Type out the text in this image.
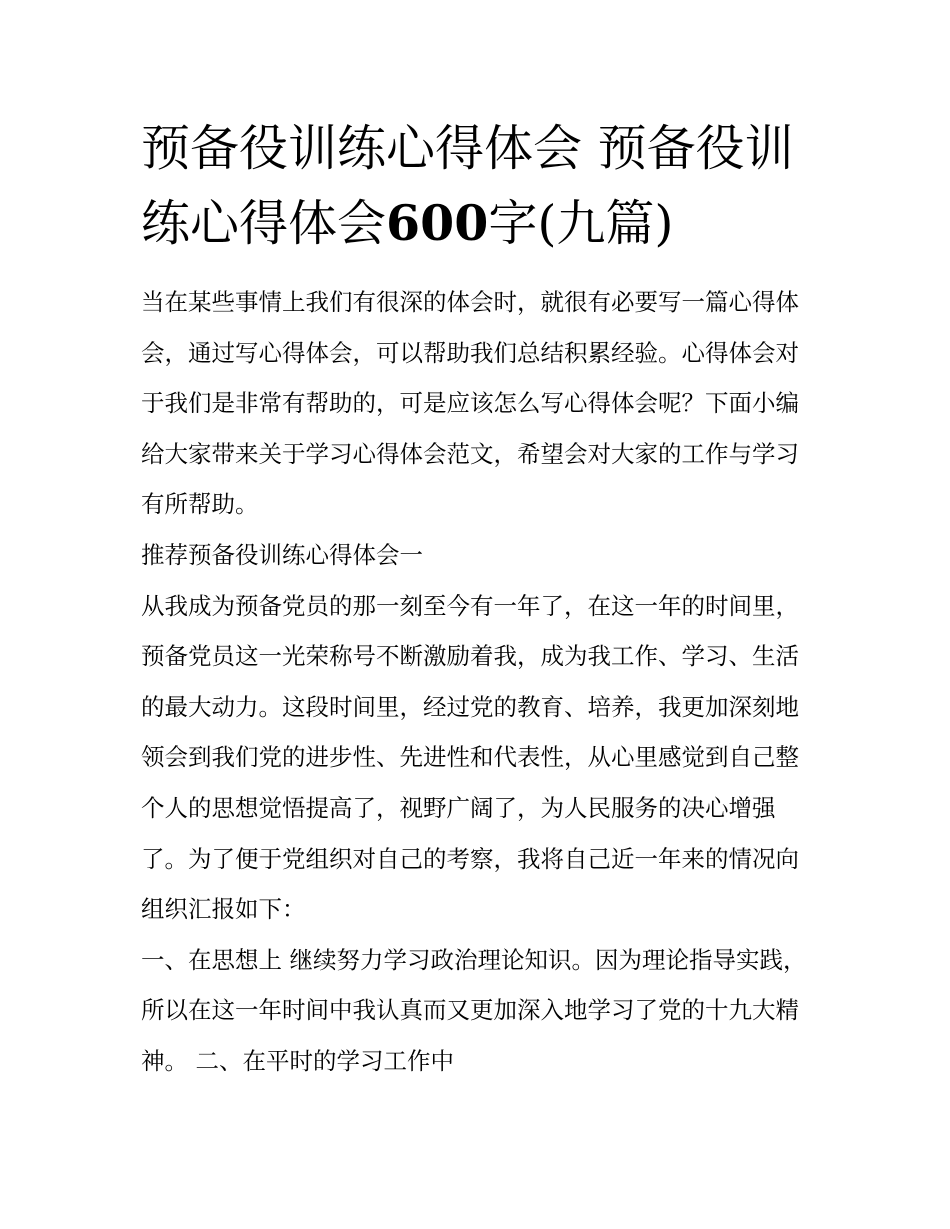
预备役训练心得体会 预备役训练心得体会600字(九篇)

当在某些事情上我们有很深的体会时，就很有必要写一篇心得体会，通过写心得体会，可以帮助我们总结积累经验。心得体会对于我们是非常有帮助的，可是应该怎么写心得体会呢？下面小编给大家带来关于学习心得体会范文，希望会对大家的工作与学习有所帮助。

推荐预备役训练心得体会一

从我成为预备党员的那一刻至今有一年了，在这一年的时间里，预备党员这一光荣称号不断激励着我，成为我工作、学习、生活的最大动力。这段时间里，经过党的教育、培养，我更加深刻地领会到我们党的进步性、先进性和代表性，从心里感觉到自己整个人的思想觉悟提高了，视野广阔了，为人民服务的决心增强了。为了便于党组织对自己的考察，我将自己近一年来的情况向组织汇报如下：

一、在思想上 继续努力学习政治理论知识。因为理论指导实践，所以在这一年时间中我认真而又更加深入地学习了党的十九大精神。 二、在平时的学习工作中
